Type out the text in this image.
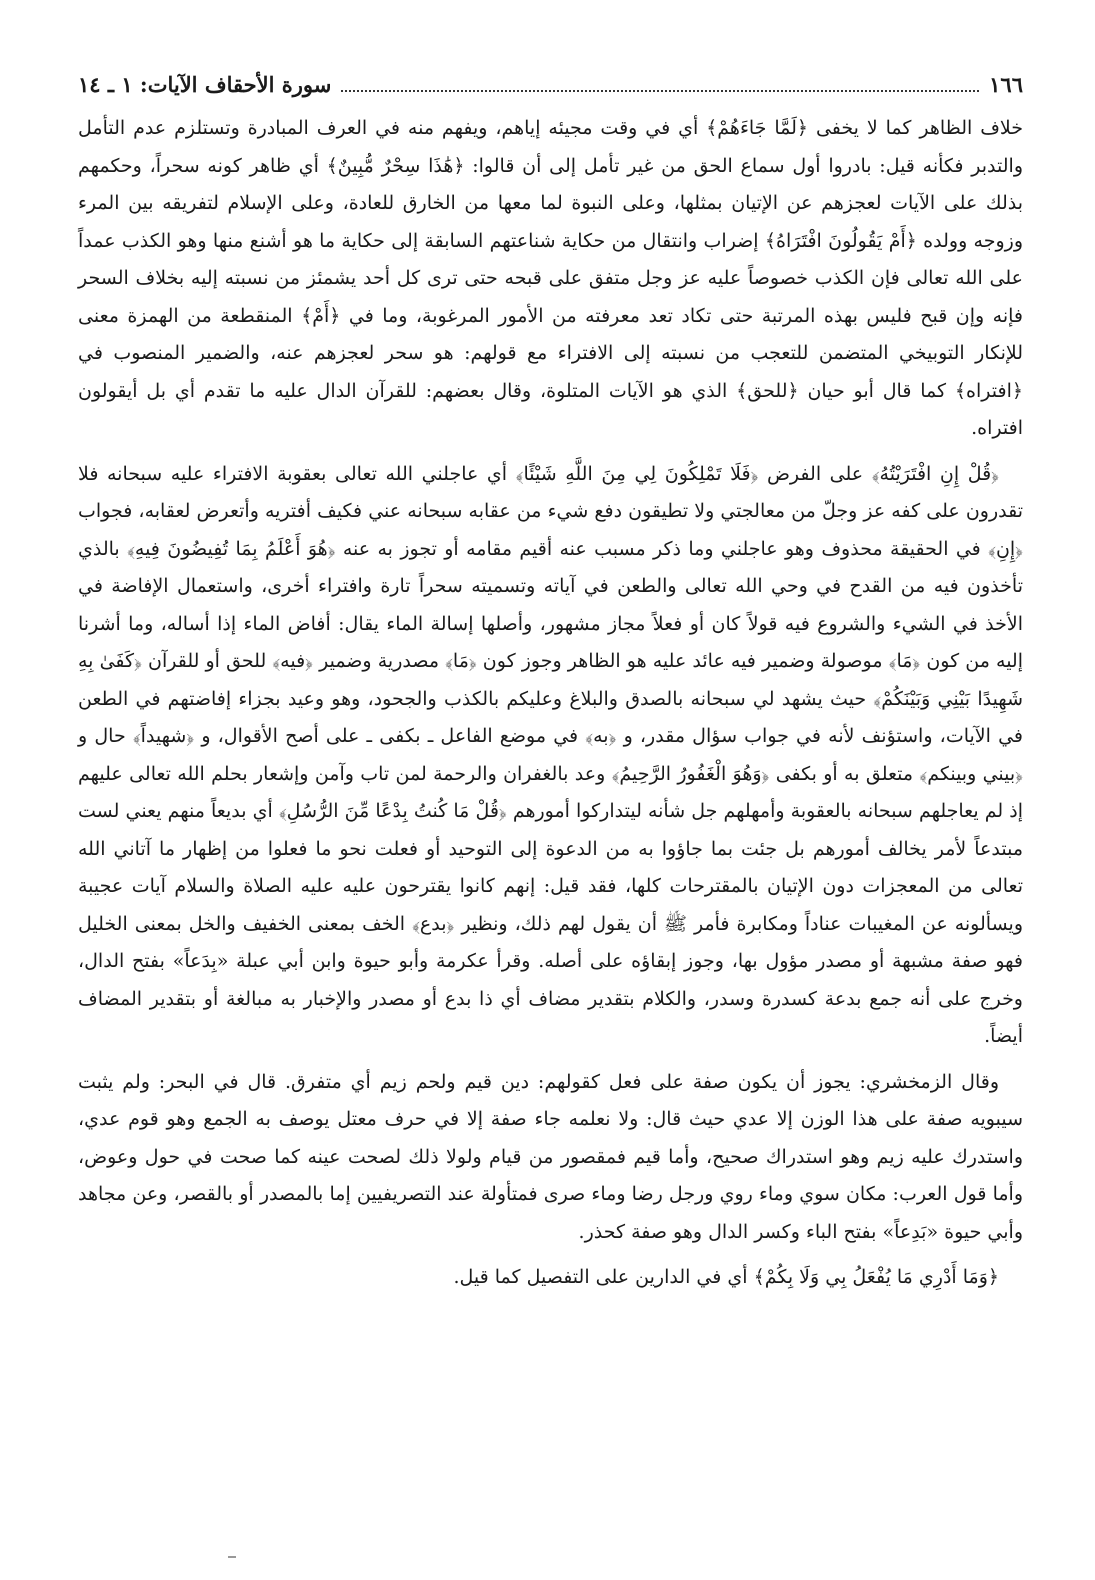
١٦٦
سورة الأحقاف الآيات: ١ ـ ١٤

خلاف الظاهر كما لا يخفى ﴿لَمَّا جَاءَهُمْ﴾ أي في وقت مجيئه إياهم، ويفهم منه في العرف المبادرة وتستلزم عدم التأمل والتدبر فكأنه قيل: بادروا أول سماع الحق من غير تأمل إلى أن قالوا: ﴿هَٰذَا سِحْرٌ مُّبِينٌ﴾ أي ظاهر كونه سحراً، وحكمهم بذلك على الآيات لعجزهم عن الإتيان بمثلها، وعلى النبوة لما معها من الخارق للعادة، وعلى الإسلام لتفريقه بين المرء وزوجه وولده ﴿أَمْ يَقُولُونَ افْتَرَاهُ﴾ إضراب وانتقال من حكاية شناعتهم السابقة إلى حكاية ما هو أشنع منها وهو الكذب عمداً على الله تعالى فإن الكذب خصوصاً عليه عز وجل متفق على قبحه حتى ترى كل أحد يشمئز من نسبته إليه بخلاف السحر فإنه وإن قبح فليس بهذه المرتبة حتى تكاد تعد معرفته من الأمور المرغوبة، وما في ﴿أَمْ﴾ المنقطعة من الهمزة معنى للإنكار التوبيخي المتضمن للتعجب من نسبته إلى الافتراء مع قولهم: هو سحر لعجزهم عنه، والضمير المنصوب في ﴿افتراه﴾ كما قال أبو حيان ﴿للحق﴾ الذي هو الآيات المتلوة، وقال بعضهم: للقرآن الدال عليه ما تقدم أي بل أيقولون افتراه.

﴿قُلْ إِنِ افْتَرَيْتُهُ﴾ على الفرض ﴿فَلَا تَمْلِكُونَ لِي مِنَ اللَّهِ شَيْئًا﴾ أي عاجلني الله تعالى بعقوبة الافتراء عليه سبحانه فلا تقدرون على كفه عز وجلّ من معالجتي ولا تطيقون دفع شيء من عقابه سبحانه عني فكيف أفتريه وأتعرض لعقابه، فجواب ﴿إِنِ﴾ في الحقيقة محذوف وهو عاجلني وما ذكر مسبب عنه أقيم مقامه أو تجوز به عنه ﴿هُوَ أَعْلَمُ بِمَا تُفِيضُونَ فِيهِ﴾ بالذي تأخذون فيه من القدح في وحي الله تعالى والطعن في آياته وتسميته سحراً تارة وافتراء أخرى، واستعمال الإفاضة في الأخذ في الشيء والشروع فيه قولاً كان أو فعلاً مجاز مشهور، وأصلها إسالة الماء يقال: أفاض الماء إذا أساله، وما أشرنا إليه من كون ﴿مَا﴾ موصولة وضمير فيه عائد عليه هو الظاهر وجوز كون ﴿مَا﴾ مصدرية وضمير ﴿فيه﴾ للحق أو للقرآن ﴿كَفَىٰ بِهِ شَهِيدًا بَيْنِي وَبَيْنَكُمْ﴾ حيث يشهد لي سبحانه بالصدق والبلاغ وعليكم بالكذب والجحود، وهو وعيد بجزاء إفاضتهم في الطعن في الآيات، واستؤنف لأنه في جواب سؤال مقدر، و ﴿به﴾ في موضع الفاعل ـ بكفى ـ على أصح الأقوال، و ﴿شهيداً﴾ حال و ﴿بيني وبينكم﴾ متعلق به أو بكفى ﴿وَهُوَ الْغَفُورُ الرَّحِيمُ﴾ وعد بالغفران والرحمة لمن تاب وآمن وإشعار بحلم الله تعالى عليهم إذ لم يعاجلهم سبحانه بالعقوبة وأمهلهم جل شأنه ليتداركوا أمورهم ﴿قُلْ مَا كُنتُ بِدْعًا مِّنَ الرُّسُلِ﴾ أي بديعاً منهم يعني لست مبتدعاً لأمر يخالف أمورهم بل جئت بما جاؤوا به من الدعوة إلى التوحيد أو فعلت نحو ما فعلوا من إظهار ما آتاني الله تعالى من المعجزات دون الإتيان بالمقترحات كلها، فقد قيل: إنهم كانوا يقترحون عليه عليه الصلاة والسلام آيات عجيبة ويسألونه عن المغيبات عناداً ومكابرة فأمر ﷺ أن يقول لهم ذلك، ونظير ﴿بدع﴾ الخف بمعنى الخفيف والخل بمعنى الخليل فهو صفة مشبهة أو مصدر مؤول بها، وجوز إبقاؤه على أصله. وقرأ عكرمة وأبو حيوة وابن أبي عبلة «بِدَعاً» بفتح الدال، وخرج على أنه جمع بدعة كسدرة وسدر، والكلام بتقدير مضاف أي ذا بدع أو مصدر والإخبار به مبالغة أو بتقدير المضاف أيضاً.

وقال الزمخشري: يجوز أن يكون صفة على فعل كقولهم: دين قيم ولحم زيم أي متفرق. قال في البحر: ولم يثبت سيبويه صفة على هذا الوزن إلا عدي حيث قال: ولا نعلمه جاء صفة إلا في حرف معتل يوصف به الجمع وهو قوم عدي، واستدرك عليه زيم وهو استدراك صحيح، وأما قيم فمقصور من قيام ولولا ذلك لصحت عينه كما صحت في حول وعوض، وأما قول العرب: مكان سوي وماء روي ورجل رضا وماء صرى فمتأولة عند التصريفيين إما بالمصدر أو بالقصر، وعن مجاهد وأبي حيوة «بَدِعاً» بفتح الباء وكسر الدال وهو صفة كحذر.

﴿وَمَا أَدْرِي مَا يُفْعَلُ بِي وَلَا بِكُمْ﴾ أي في الدارين على التفصيل كما قيل.
